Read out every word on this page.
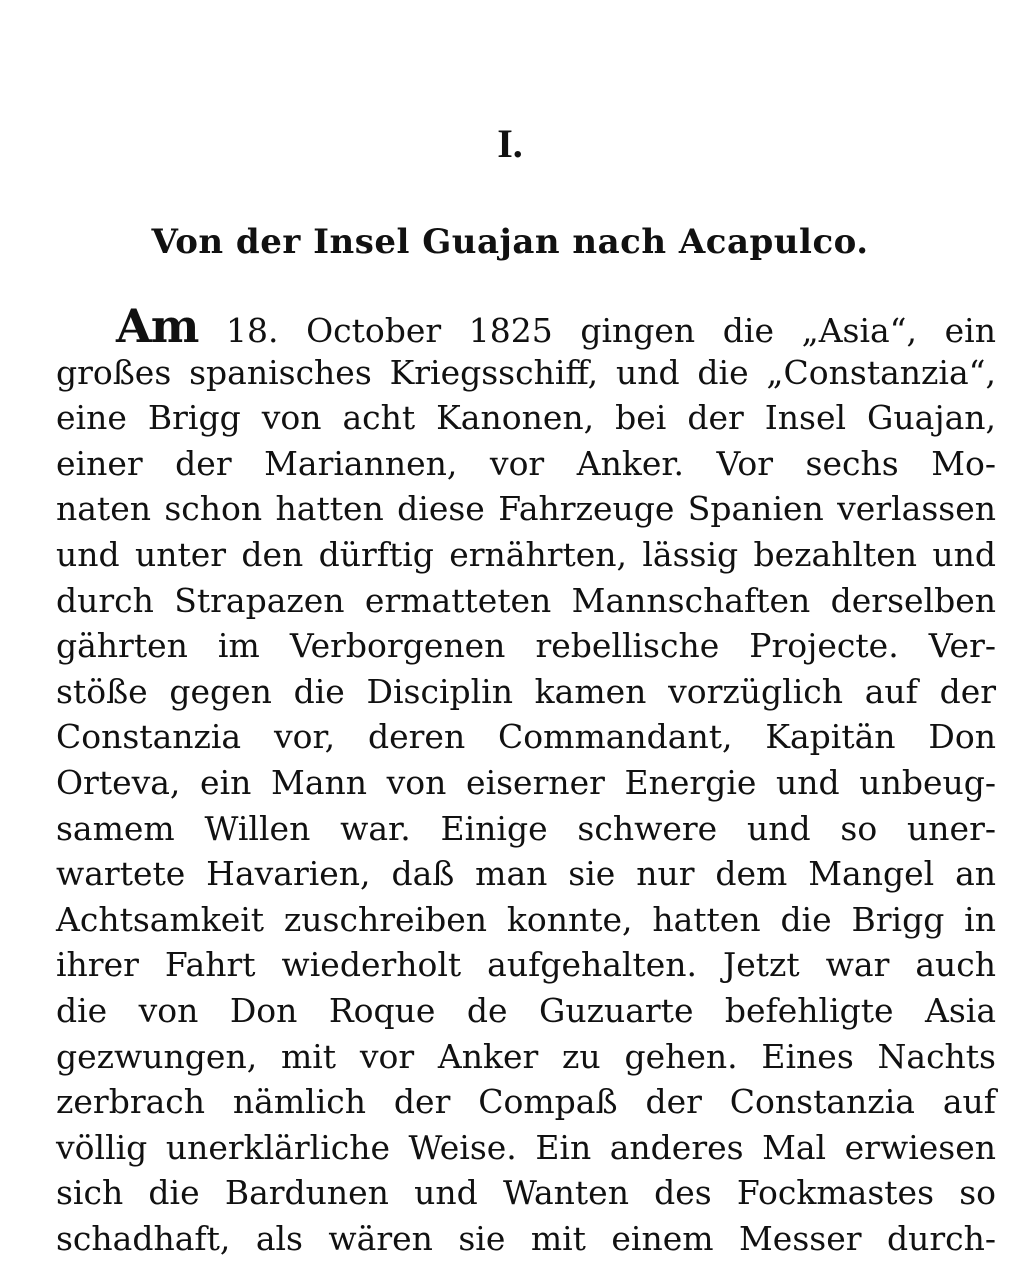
I.
Von der Insel Guajan nach Acapulco.
Am 18. October 1825 gingen die „Asia“, ein
großes spanisches Kriegsschiff, und die „Constanzia“,
eine Brigg von acht Kanonen, bei der Insel Guajan,
einer der Mariannen, vor Anker. Vor sechs Mo-
naten schon hatten diese Fahrzeuge Spanien verlassen
und unter den dürftig ernährten, lässig bezahlten und
durch Strapazen ermatteten Mannschaften derselben
gährten im Verborgenen rebellische Projecte. Ver-
stöße gegen die Disciplin kamen vorzüglich auf der
Constanzia vor, deren Commandant, Kapitän Don
Orteva, ein Mann von eiserner Energie und unbeug-
samem Willen war. Einige schwere und so uner-
wartete Havarien, daß man sie nur dem Mangel an
Achtsamkeit zuschreiben konnte, hatten die Brigg in
ihrer Fahrt wiederholt aufgehalten. Jetzt war auch
die von Don Roque de Guzuarte befehligte Asia
gezwungen, mit vor Anker zu gehen. Eines Nachts
zerbrach nämlich der Compaß der Constanzia auf
völlig unerklärliche Weise. Ein anderes Mal erwiesen
sich die Bardunen und Wanten des Fockmastes so
schadhaft, als wären sie mit einem Messer durch-
